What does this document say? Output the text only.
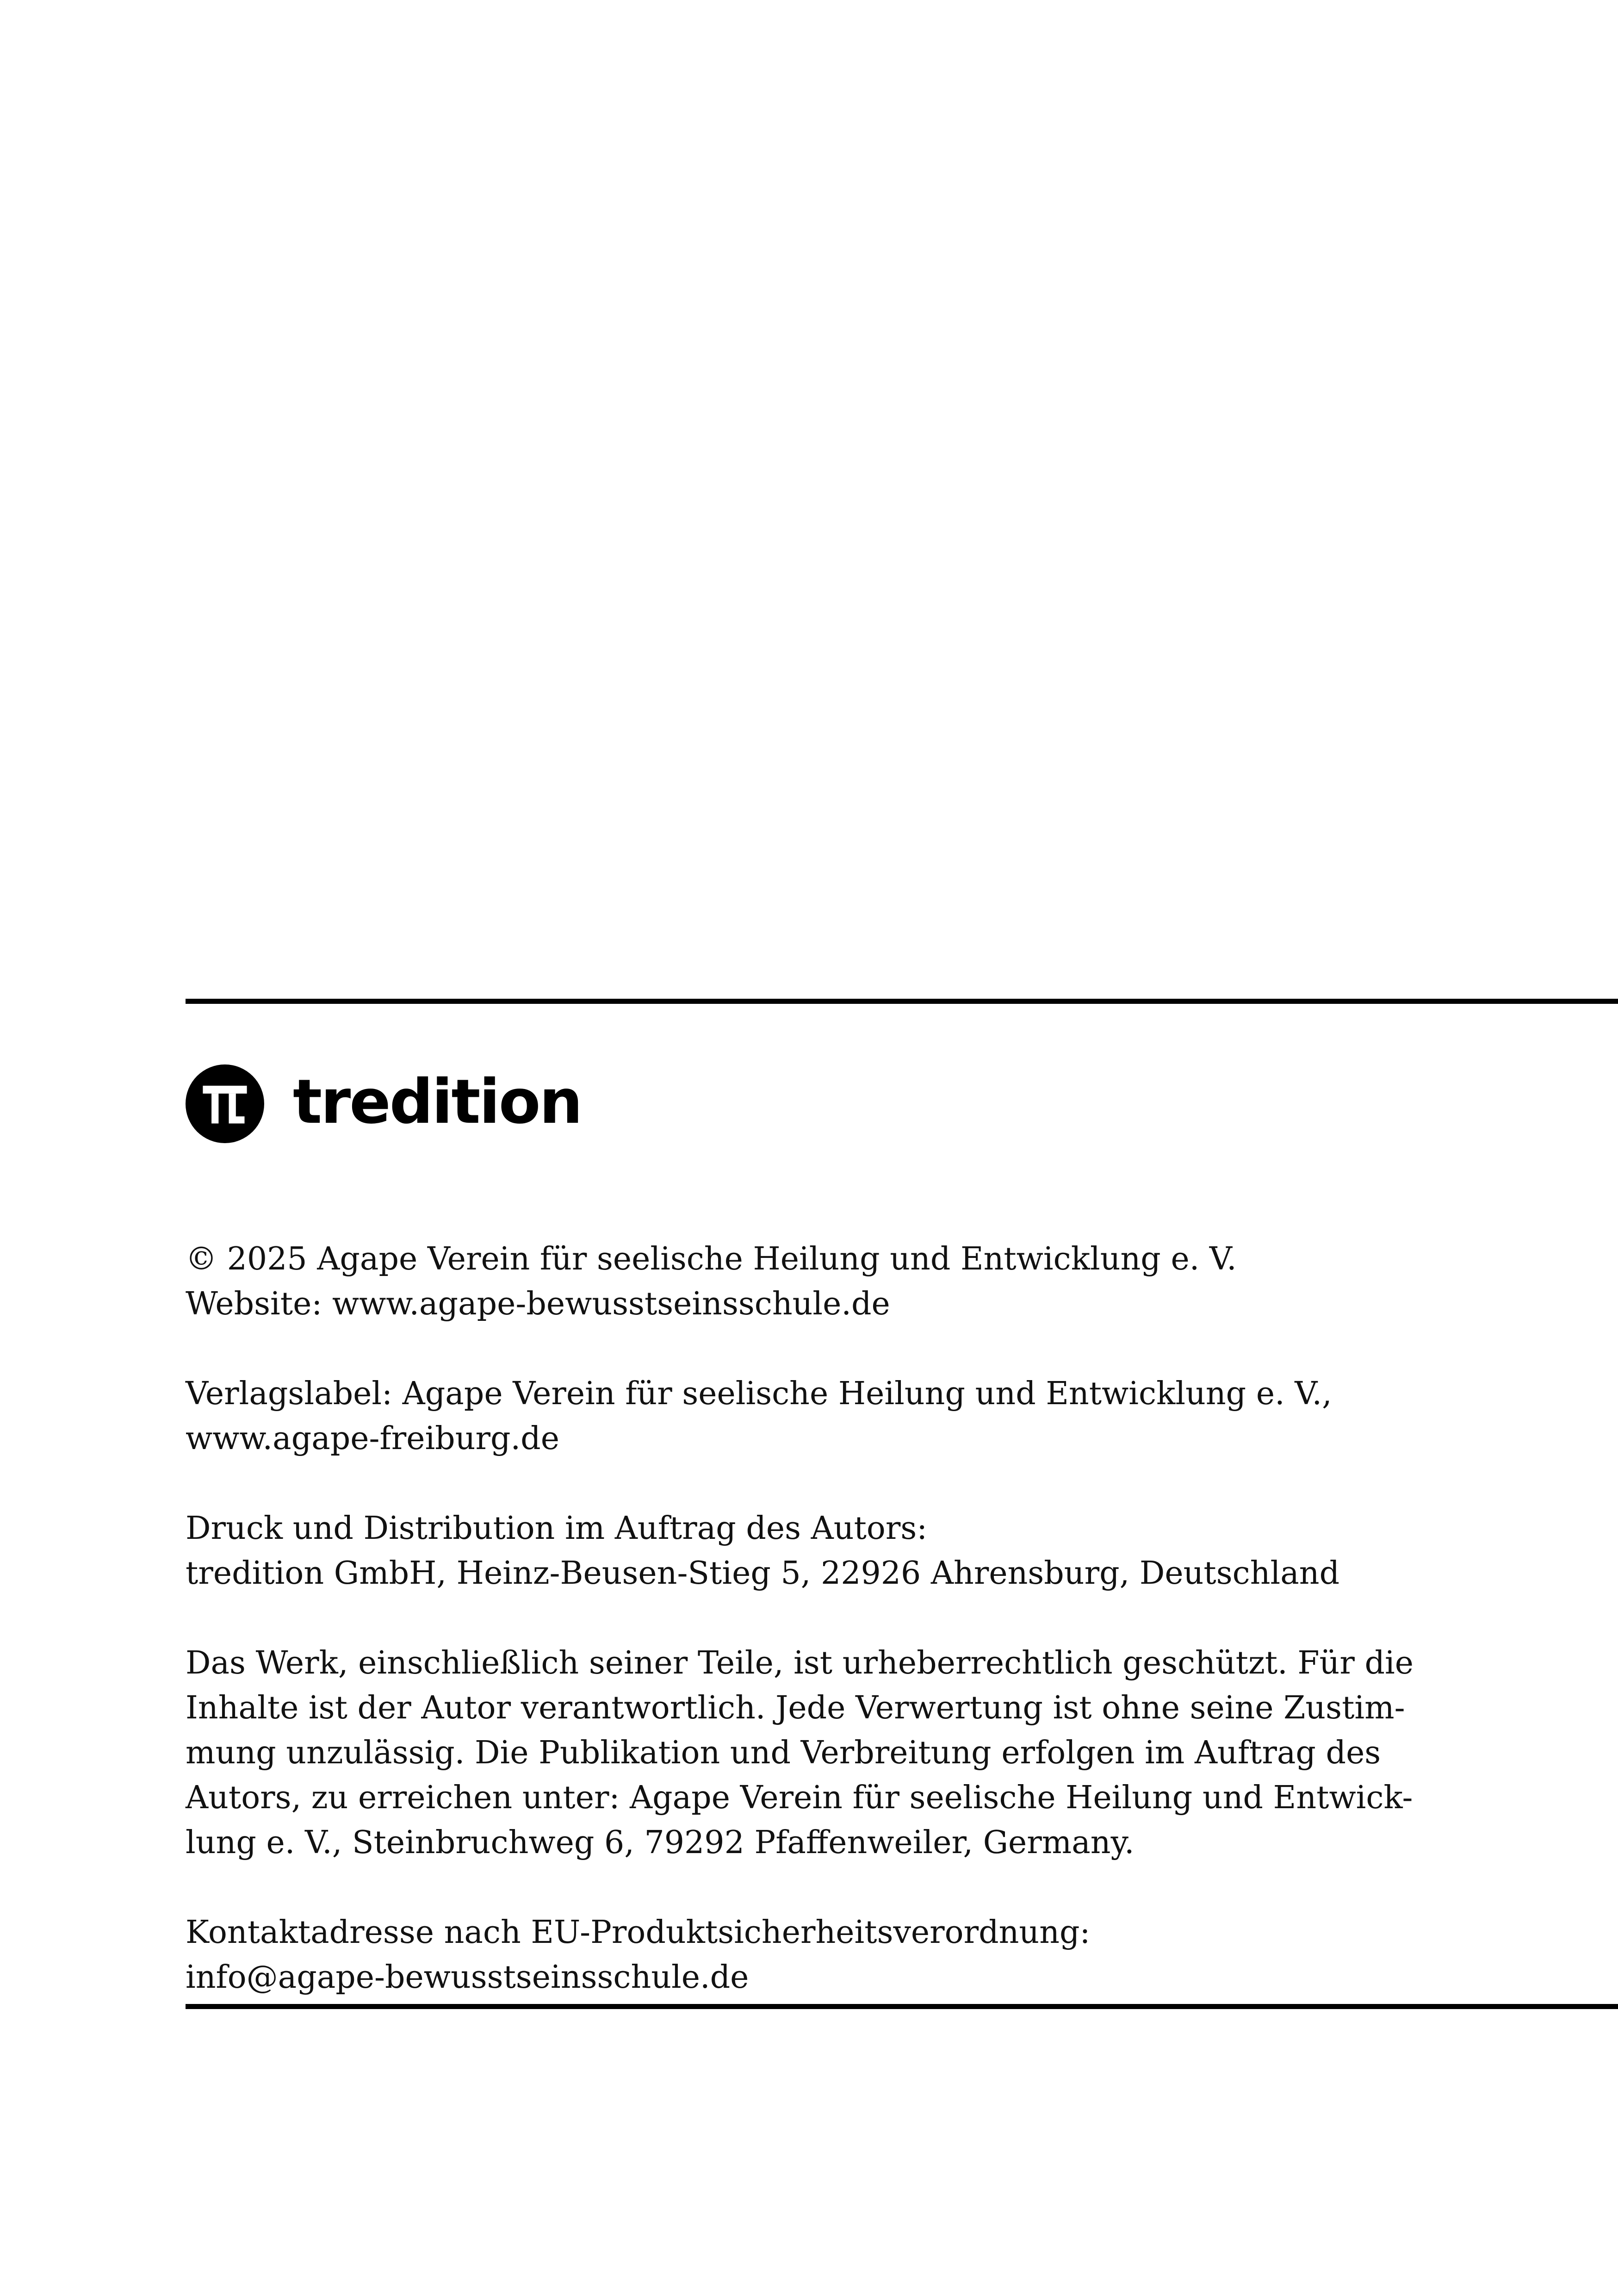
tredition

© 2025 Agape Verein für seelische Heilung und Entwicklung e. V.
Website: www.agape-bewusstseinsschule.de

Verlagslabel: Agape Verein für seelische Heilung und Entwicklung e. V.,
www.agape-freiburg.de

Druck und Distribution im Auftrag des Autors:
tredition GmbH, Heinz-Beusen-Stieg 5, 22926 Ahrensburg, Deutschland

Das Werk, einschließlich seiner Teile, ist urheberrechtlich geschützt. Für die
Inhalte ist der Autor verantwortlich. Jede Verwertung ist ohne seine Zustim-
mung unzulässig. Die Publikation und Verbreitung erfolgen im Auftrag des
Autors, zu erreichen unter: Agape Verein für seelische Heilung und Entwick-
lung e. V., Steinbruchweg 6, 79292 Pfaffenweiler, Germany.

Kontaktadresse nach EU-Produktsicherheitsverordnung:
info@agape-bewusstseinsschule.de
